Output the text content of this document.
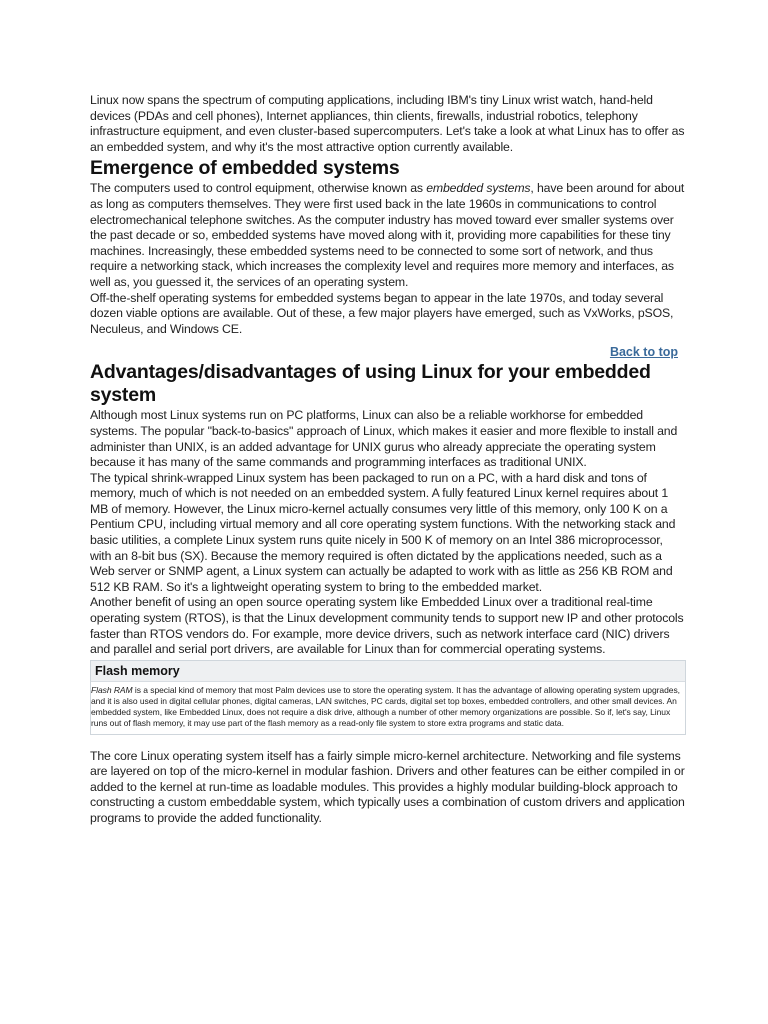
Linux now spans the spectrum of computing applications, including IBM's tiny Linux wrist watch, hand-held devices (PDAs and cell phones), Internet appliances, thin clients, firewalls, industrial robotics, telephony infrastructure equipment, and even cluster-based supercomputers. Let's take a look at what Linux has to offer as an embedded system, and why it's the most attractive option currently available.

Emergence of embedded systems

The computers used to control equipment, otherwise known as embedded systems, have been around for about as long as computers themselves. They were first used back in the late 1960s in communications to control electromechanical telephone switches. As the computer industry has moved toward ever smaller systems over the past decade or so, embedded systems have moved along with it, providing more capabilities for these tiny machines. Increasingly, these embedded systems need to be connected to some sort of network, and thus require a networking stack, which increases the complexity level and requires more memory and interfaces, as well as, you guessed it, the services of an operating system.

Off-the-shelf operating systems for embedded systems began to appear in the late 1970s, and today several dozen viable options are available. Out of these, a few major players have emerged, such as VxWorks, pSOS, Neculeus, and Windows CE.

Back to top
Advantages/disadvantages of using Linux for your embedded system

Although most Linux systems run on PC platforms, Linux can also be a reliable workhorse for embedded systems. The popular "back-to-basics" approach of Linux, which makes it easier and more flexible to install and administer than UNIX, is an added advantage for UNIX gurus who already appreciate the operating system because it has many of the same commands and programming interfaces as traditional UNIX.

The typical shrink-wrapped Linux system has been packaged to run on a PC, with a hard disk and tons of memory, much of which is not needed on an embedded system. A fully featured Linux kernel requires about 1 MB of memory. However, the Linux micro-kernel actually consumes very little of this memory, only 100 K on a Pentium CPU, including virtual memory and all core operating system functions. With the networking stack and basic utilities, a complete Linux system runs quite nicely in 500 K of memory on an Intel 386 microprocessor, with an 8-bit bus (SX). Because the memory required is often dictated by the applications needed, such as a Web server or SNMP agent, a Linux system can actually be adapted to work with as little as 256 KB ROM and 512 KB RAM. So it's a lightweight operating system to bring to the embedded market.

Another benefit of using an open source operating system like Embedded Linux over a traditional real-time operating system (RTOS), is that the Linux development community tends to support new IP and other protocols faster than RTOS vendors do. For example, more device drivers, such as network interface card (NIC) drivers and parallel and serial port drivers, are available for Linux than for commercial operating systems.

Flash memory
Flash RAM is a special kind of memory that most Palm devices use to store the operating system. It has the advantage of allowing operating system upgrades, and it is also used in digital cellular phones, digital cameras, LAN switches, PC cards, digital set top boxes, embedded controllers, and other small devices. An embedded system, like Embedded Linux, does not require a disk drive, although a number of other memory organizations are possible. So if, let's say, Linux runs out of flash memory, it may use part of the flash memory as a read-only file system to store extra programs and static data.

The core Linux operating system itself has a fairly simple micro-kernel architecture. Networking and file systems are layered on top of the micro-kernel in modular fashion. Drivers and other features can be either compiled in or added to the kernel at run-time as loadable modules. This provides a highly modular building-block approach to constructing a custom embeddable system, which typically uses a combination of custom drivers and application programs to provide the added functionality.
